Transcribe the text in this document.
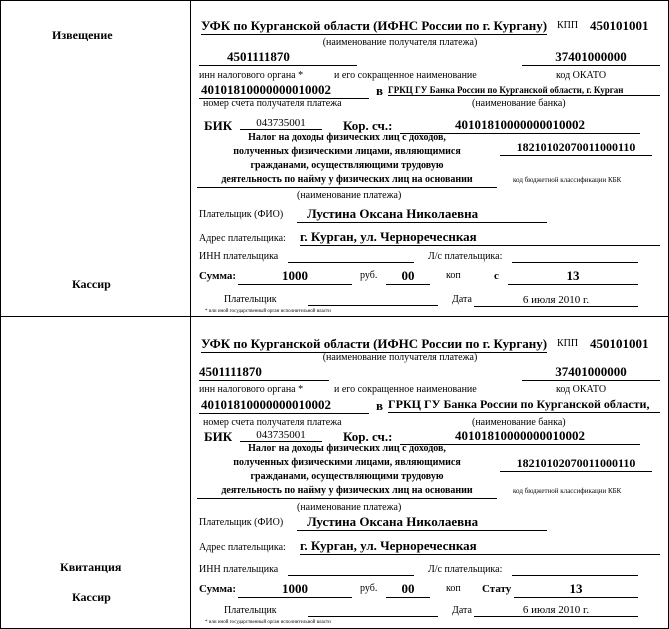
Извещение
Кассир
Квитанция
Кассир
УФК по Курганской области (ИФНС России по г. Кургану) КПП 450101001
(наименование получателя платежа)
4501111870	37401000000
инн налогового органа *	и его сокращенное наименование	код ОКАТО
40101810000000010002	в ГРКЦ ГУ Банка России по Курганской области, г. Курган
номер счета получателя платежа	(наименование банка)
БИК	043735001	Кор. сч.:	40101810000000010002
Налог на доходы физических лиц с доходов,
полученных физическими лицами, являющимися
гражданами, осуществляющими трудовую
деятельность по найму у физических лиц на основании
18210102070011000110
код бюджетной классификации КБК
(наименование платежа)
Плательщик (ФИО)	Лустина Оксана Николаевна
Адрес плательщика: г. Курган, ул. Черноречеснкая
ИНН плательщика	Л/с плательщика:
Сумма:	1000	руб.	00	коп	с	13
Плательщик	Дата	6 июля 2010 г.
* или иной государственный орган исполнительной власти
УФК по Курганской области (ИФНС России по г. Кургану) КПП 450101001
(наименование получателя платежа)
4501111870	37401000000
инн налогового органа *	и его сокращенное наименование	код ОКАТО
40101810000000010002	в ГРКЦ ГУ Банка России по Курганской области,
номер счета получателя платежа	(наименование банка)
БИК	043735001	Кор. сч.:	40101810000000010002
Налог на доходы физических лиц с доходов,
полученных физическими лицами, являющимися
гражданами, осуществляющими трудовую
деятельность по найму у физических лиц на основании
18210102070011000110
код бюджетной классификации КБК
(наименование платежа)
Плательщик (ФИО)	Лустина Оксана Николаевна
Адрес плательщика: г. Курган, ул. Черноречеснкая
ИНН плательщика	Л/с плательщика:
Сумма:	1000	руб.	00	коп Стату	13
Плательщик	Дата	6 июля 2010 г.
* или иной государственный орган исполнительной власти
